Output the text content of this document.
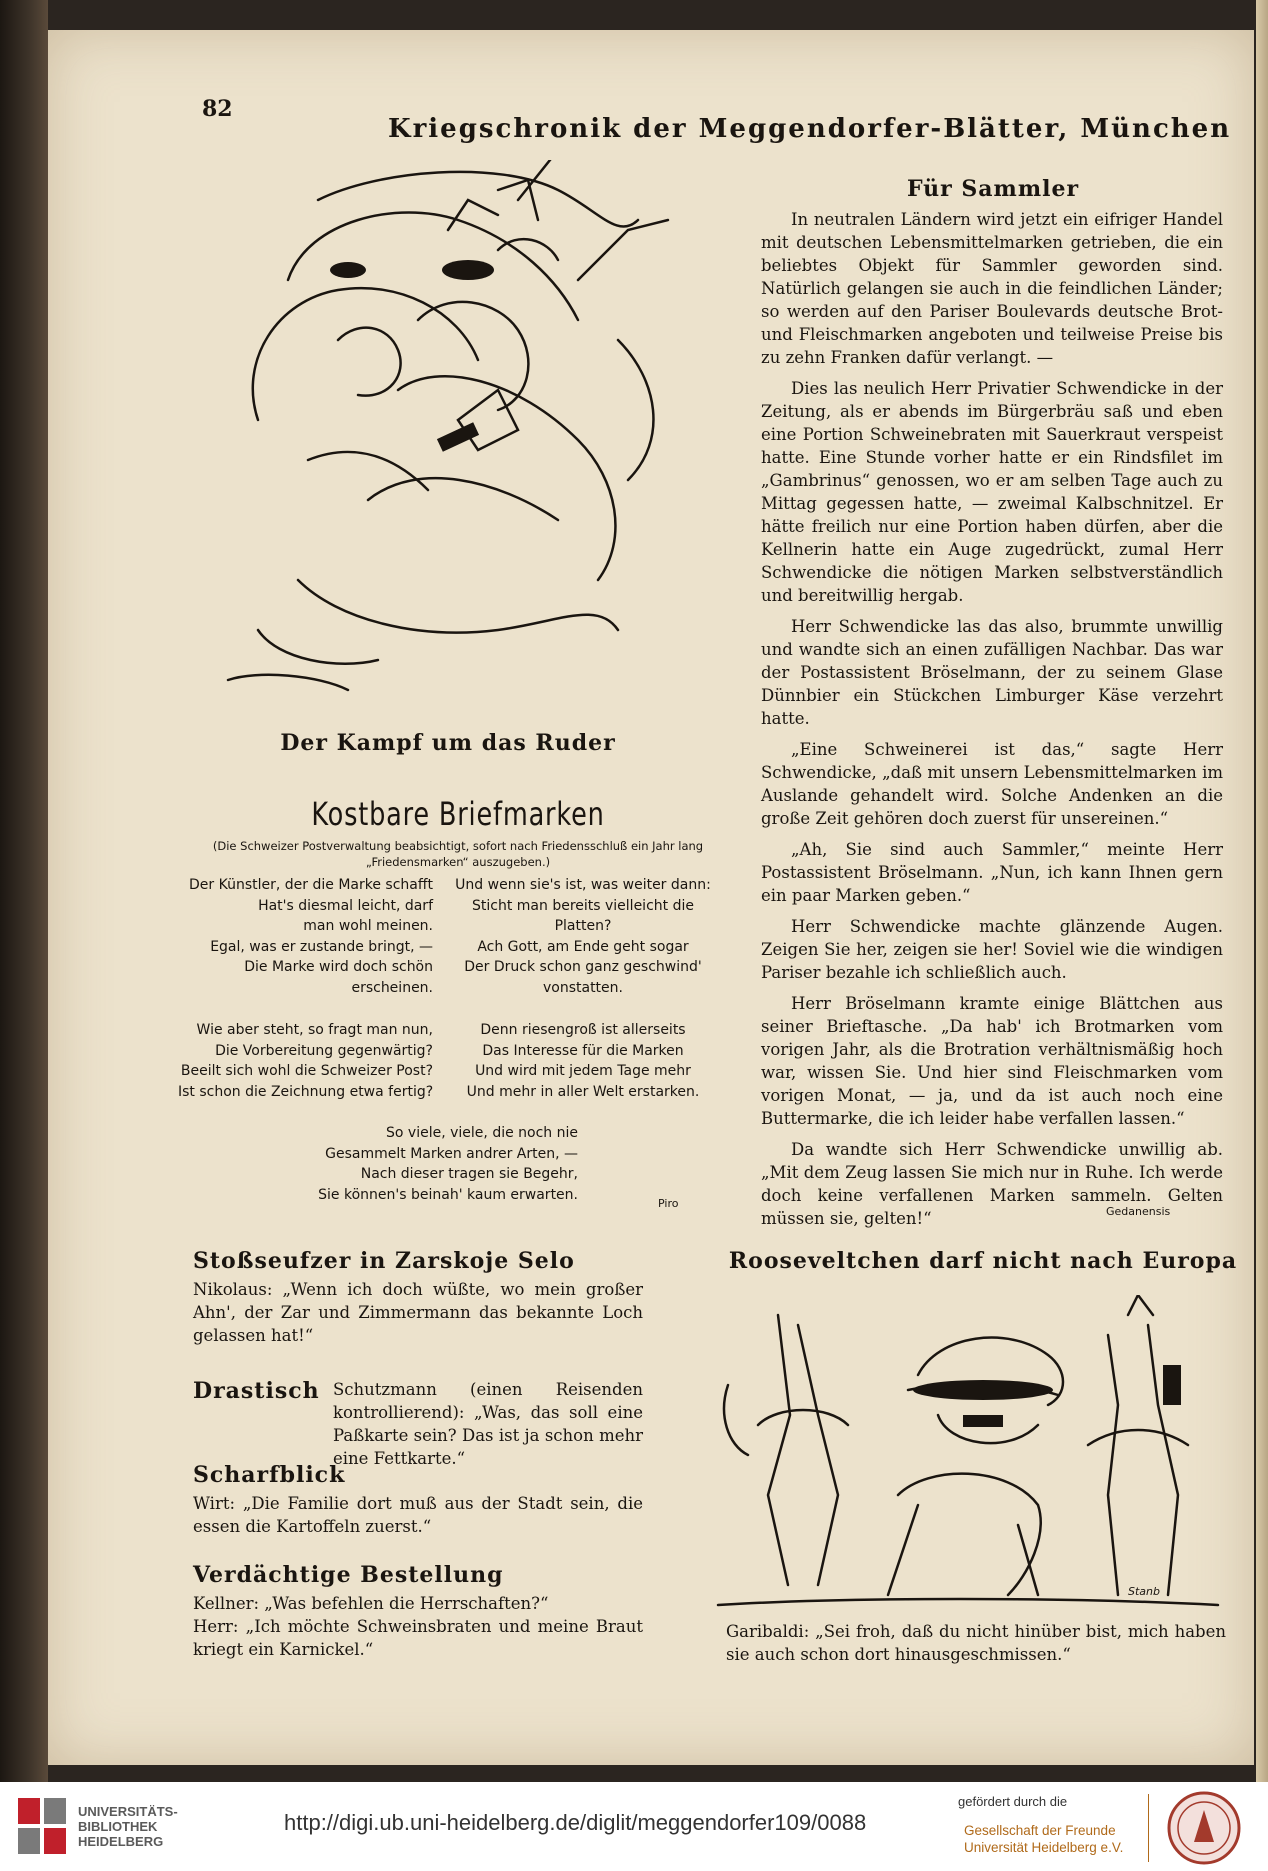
82
Kriegschronik der Meggendorfer-Blätter, München
Der Kampf um das Ruder
Kostbare Briefmarken
(Die Schweizer Postverwaltung beabsichtigt, sofort nach Friedensschluß ein Jahr lang „Friedensmarken“ auszugeben.)
Der Künstler, der die Marke schafft
Hat's diesmal leicht, darf
man wohl meinen.
Egal, was er zustande bringt, —
Die Marke wird doch schön
erscheinen.
Und wenn sie's ist, was weiter dann:
Sticht man bereits vielleicht die
Platten?
Ach Gott, am Ende geht sogar
Der Druck schon ganz geschwind'
vonstatten.
Wie aber steht, so fragt man nun,
Die Vorbereitung gegenwärtig?
Beeilt sich wohl die Schweizer Post?
Ist schon die Zeichnung etwa fertig?
Denn riesengroß ist allerseits
Das Interesse für die Marken
Und wird mit jedem Tage mehr
Und mehr in aller Welt erstarken.
So viele, viele, die noch nie
Gesammelt Marken andrer Arten, —
Nach dieser tragen sie Begehr,
Sie können's beinah' kaum erwarten.
Piro
Für Sammler

In neutralen Ländern wird jetzt ein eifriger Handel mit deutschen Lebensmittelmarken getrieben, die ein beliebtes Objekt für Sammler geworden sind. Natürlich gelangen sie auch in die feindlichen Länder; so werden auf den Pariser Boulevards deutsche Brot- und Fleischmarken angeboten und teilweise Preise bis zu zehn Franken dafür verlangt. —

Dies las neulich Herr Privatier Schwendicke in der Zeitung, als er abends im Bürgerbräu saß und eben eine Portion Schweinebraten mit Sauerkraut verspeist hatte. Eine Stunde vorher hatte er ein Rindsfilet im „Gambrinus“ genossen, wo er am selben Tage auch zu Mittag gegessen hatte, — zweimal Kalbschnitzel. Er hätte freilich nur eine Portion haben dürfen, aber die Kellnerin hatte ein Auge zugedrückt, zumal Herr Schwendicke die nötigen Marken selbstverständlich und bereitwillig hergab.

Herr Schwendicke las das also, brummte unwillig und wandte sich an einen zufälligen Nachbar. Das war der Postassistent Bröselmann, der zu seinem Glase Dünnbier ein Stückchen Limburger Käse verzehrt hatte.

„Eine Schweinerei ist das,“ sagte Herr Schwendicke, „daß mit unsern Lebensmittelmarken im Auslande gehandelt wird. Solche Andenken an die große Zeit gehören doch zuerst für unsereinen.“

„Ah, Sie sind auch Sammler,“ meinte Herr Postassistent Bröselmann. „Nun, ich kann Ihnen gern ein paar Marken geben.“

Herr Schwendicke machte glänzende Augen. Zeigen Sie her, zeigen sie her! Soviel wie die windigen Pariser bezahle ich schließlich auch.

Herr Bröselmann kramte einige Blättchen aus seiner Brieftasche. „Da hab' ich Brotmarken vom vorigen Jahr, als die Brotration verhältnismäßig hoch war, wissen Sie. Und hier sind Fleischmarken vom vorigen Monat, — ja, und da ist auch noch eine Buttermarke, die ich leider habe verfallen lassen.“

Da wandte sich Herr Schwendicke unwillig ab. „Mit dem Zeug lassen Sie mich nur in Ruhe. Ich werde doch keine verfallenen Marken sammeln. Gelten müssen sie, gelten!“	Gedanensis
Stoßseufzer in Zarskoje Selo
Nikolaus: „Wenn ich doch wüßte, wo mein großer Ahn', der Zar und Zimmermann das bekannte Loch gelassen hat!“
Drastisch Schutzmann (einen Reisenden kontrollierend): „Was, das soll eine Paßkarte sein? Das ist ja schon mehr eine Fettkarte.“
Scharfblick
Wirt: „Die Familie dort muß aus der Stadt sein, die essen die Kartoffeln zuerst.“
Verdächtige Bestellung
Kellner: „Was befehlen die Herrschaften?“
Herr: „Ich möchte Schweinsbraten und meine Braut kriegt ein Karnickel.“
Rooseveltchen darf nicht nach Europa
Stanb
Garibaldi: „Sei froh, daß du nicht hinüber bist, mich haben sie auch schon dort hinausgeschmissen.“
UNIVERSITÄTS-
BIBLIOTHEK
HEIDELBERG
http://digi.ub.uni-heidelberg.de/diglit/meggendorfer109/0088
gefördert durch die
Gesellschaft der Freunde
Universität Heidelberg e.V.
